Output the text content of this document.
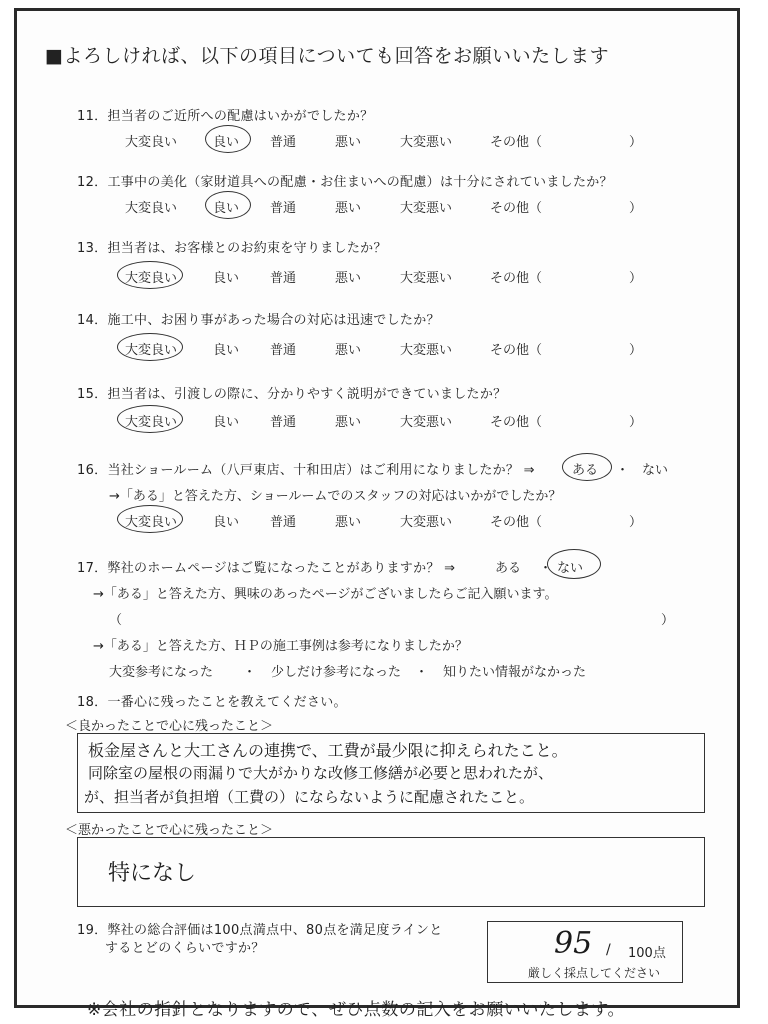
■よろしければ、以下の項目についても回答をお願いいたします
11．担当者のご近所への配慮はいかがでしたか？
大変良い	良い 普通	悪い	大変悪い	その他（	）
12．工事中の美化（家財道具への配慮・お住まいへの配慮）は十分にされていましたか？
大変良い	良い 普通	悪い	大変悪い	その他（	）
13．担当者は、お客様とのお約束を守りましたか？
大変良い	良い 普通	悪い	大変悪い	その他（	）
14．施工中、お困り事があった場合の対応は迅速でしたか？
大変良い	良い 普通	悪い	大変悪い	その他（	）
15．担当者は、引渡しの際に、分かりやすく説明ができていましたか？
大変良い	良い 普通	悪い	大変悪い	その他（	）
16．当社ショールーム（八戸東店、十和田店）はご利用になりましたか？ ⇒	ある ・ ない
→「ある」と答えた方、ショールームでのスタッフの対応はいかがでしたか？
大変良い	良い 普通	悪い	大変悪い	その他（	）
17．弊社のホームページはご覧になったことがありますか？ ⇒	ある ・ ない
→「ある」と答えた方、興味のあったページがございましたらご記入願います。
（	）
→「ある」と答えた方、ＨＰの施工事例は参考になりましたか？
大変参考になった ・ 少しだけ参考になった ・ 知りたい情報がなかった
18．一番心に残ったことを教えてください。
＜良かったことで心に残ったこと＞
板金屋さんと大工さんの連携で、工費が最少限に抑えられたこと。
同除室の屋根の雨漏りで大がかりな改修工修繕が必要と思われたが、
が、担当者が負担増（工費の）にならないように配慮されたこと。
＜悪かったことで心に残ったこと＞
特になし
19．弊社の総合評価は100点満点中、80点を満足度ラインと
するとどのくらいですか？	95 / 100点
厳しく採点してください
※会社の指針となりますので、ぜひ点数の記入をお願いいたします。
